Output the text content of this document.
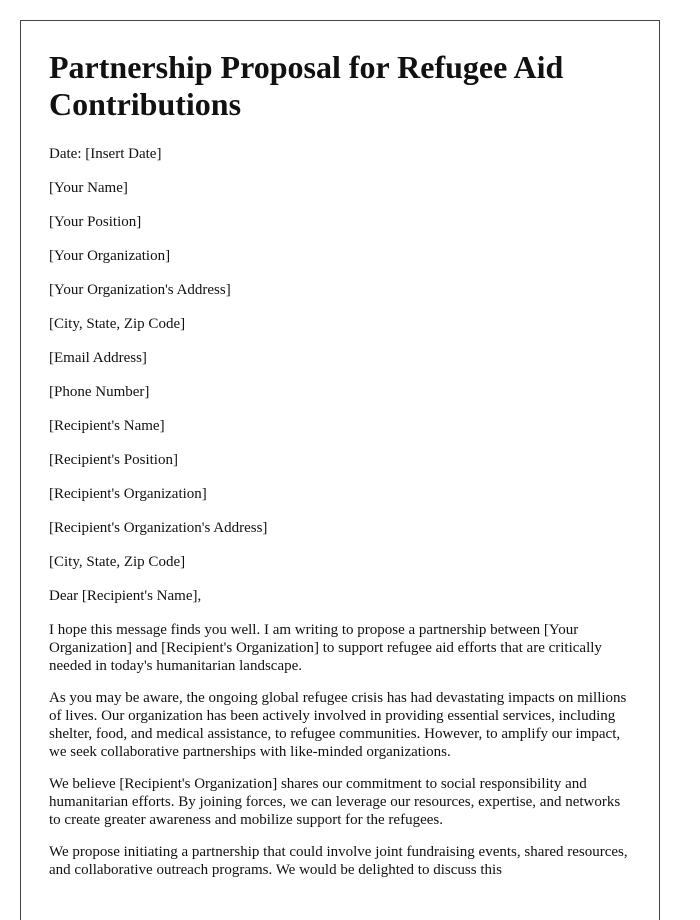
Partnership Proposal for Refugee Aid Contributions
Date: [Insert Date]
[Your Name]
[Your Position]
[Your Organization]
[Your Organization's Address]
[City, State, Zip Code]
[Email Address]
[Phone Number]
[Recipient's Name]
[Recipient's Position]
[Recipient's Organization]
[Recipient's Organization's Address]
[City, State, Zip Code]
Dear [Recipient's Name],

I hope this message finds you well. I am writing to propose a partnership between [Your Organization] and [Recipient's Organization] to support refugee aid efforts that are critically needed in today's humanitarian landscape.

As you may be aware, the ongoing global refugee crisis has had devastating impacts on millions of lives. Our organization has been actively involved in providing essential services, including shelter, food, and medical assistance, to refugee communities. However, to amplify our impact, we seek collaborative partnerships with like-minded organizations.

We believe [Recipient's Organization] shares our commitment to social responsibility and humanitarian efforts. By joining forces, we can leverage our resources, expertise, and networks to create greater awareness and mobilize support for the refugees.

We propose initiating a partnership that could involve joint fundraising events, shared resources, and collaborative outreach programs. We would be delighted to discuss this
